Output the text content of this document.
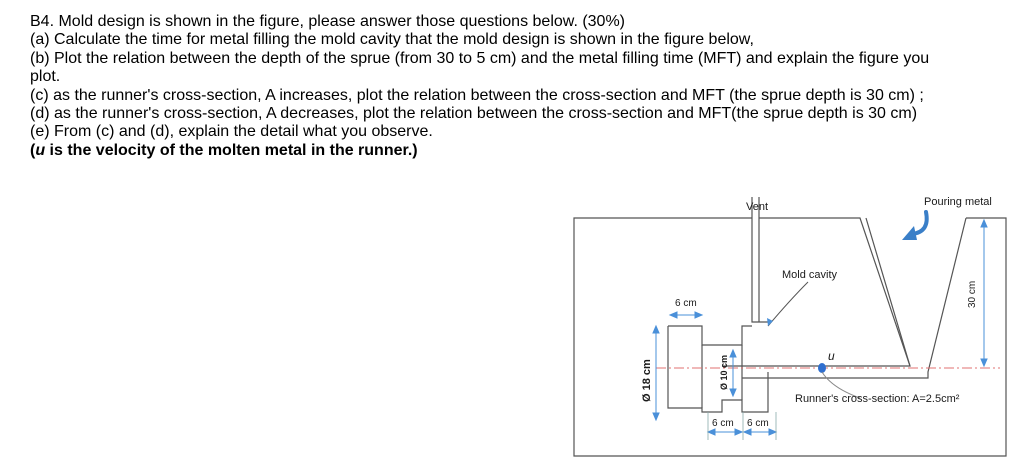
B4. Mold design is shown in the figure, please answer those questions below. (30%)

(a) Calculate the time for metal filling the mold cavity that the mold design is shown in the figure below,

(b) Plot the relation between the depth of the sprue (from 30 to 5 cm) and the metal filling time (MFT) and explain the figure you

plot.

(c) as the runner's cross-section, A increases, plot the relation between the cross-section and MFT (the sprue depth is 30 cm) ;

(d) as the runner's cross-section, A decreases, plot the relation between the cross-section and MFT(the sprue depth is 30 cm)

(e) From (c) and (d), explain the detail what you observe.

(u is the velocity of the molten metal in the runner.)

Vent	Pouring metal
Mold cavity
u
Runner's cross-section: A=2.5cm²
30 cm
6 cm
Ø 18 cm	Ø 10 cm
6 cm 6 cm
